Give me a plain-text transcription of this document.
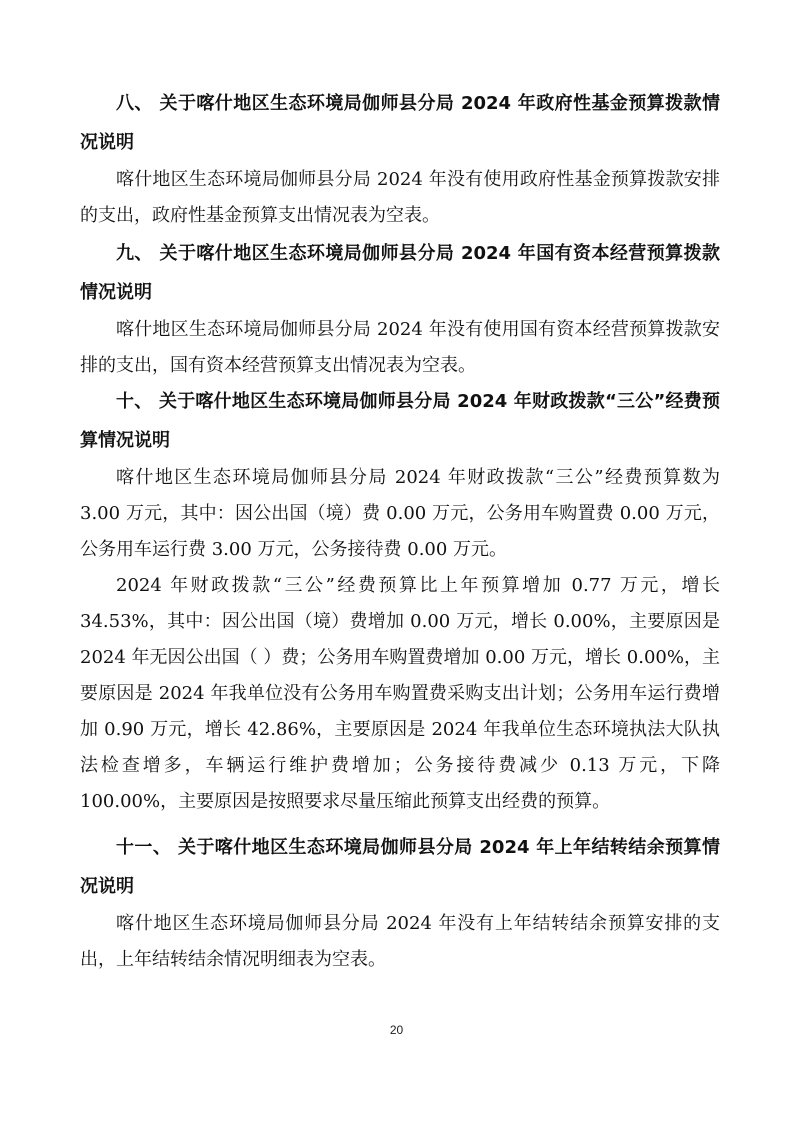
八、 关于喀什地区生态环境局伽师县分局 2024 年政府性基金预算拨款情况说明

喀什地区生态环境局伽师县分局 2024 年没有使用政府性基金预算拨款安排的支出，政府性基金预算支出情况表为空表。

九、 关于喀什地区生态环境局伽师县分局 2024 年国有资本经营预算拨款情况说明

喀什地区生态环境局伽师县分局 2024 年没有使用国有资本经营预算拨款安排的支出，国有资本经营预算支出情况表为空表。

十、 关于喀什地区生态环境局伽师县分局 2024 年财政拨款“三公”经费预算情况说明

喀什地区生态环境局伽师县分局 2024 年财政拨款“三公”经费预算数为 3.00 万元，其中：因公出国（境）费 0.00 万元，公务用车购置费 0.00 万元，公务用车运行费 3.00 万元，公务接待费 0.00 万元。

2024 年财政拨款“三公”经费预算比上年预算增加 0.77 万元，增长 34.53%，其中：因公出国（境）费增加 0.00 万元，增长 0.00%，主要原因是 2024 年无因公出国（ ）费；公务用车购置费增加 0.00 万元，增长 0.00%，主要原因是 2024 年我单位没有公务用车购置费采购支出计划；公务用车运行费增加 0.90 万元，增长 42.86%，主要原因是 2024 年我单位生态环境执法大队执法检查增多，车辆运行维护费增加；公务接待费减少 0.13 万元，下降 100.00%，主要原因是按照要求尽量压缩此预算支出经费的预算。

十一、 关于喀什地区生态环境局伽师县分局 2024 年上年结转结余预算情况说明

喀什地区生态环境局伽师县分局 2024 年没有上年结转结余预算安排的支出，上年结转结余情况明细表为空表。

20
